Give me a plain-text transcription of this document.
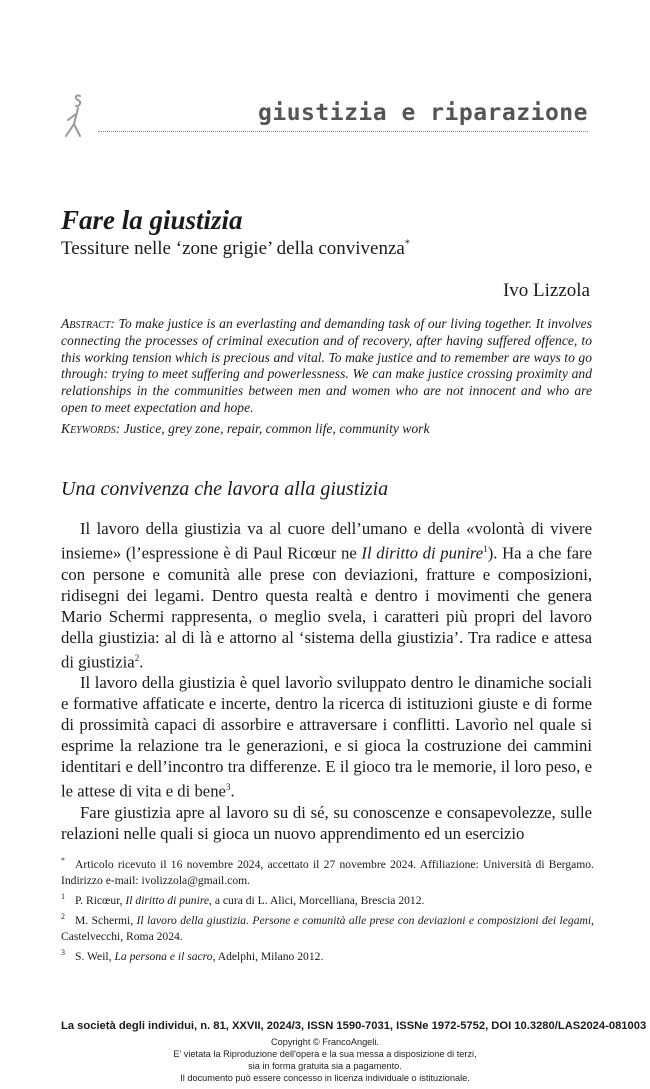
giustizia e riparazione
Fare la giustizia
Tessiture nelle ‘zone grigie’ della convivenza*
Ivo Lizzola
Abstract: To make justice is an everlasting and demanding task of our living together. It involves connecting the processes of criminal execution and of recovery, after having suffered offence, to this working tension which is precious and vital. To make justice and to remember are ways to go through: trying to meet suffering and powerlessness. We can make justice crossing proximity and relationships in the communities between men and women who are not innocent and who are open to meet expectation and hope.
Keywords: Justice, grey zone, repair, common life, community work
Una convivenza che lavora alla giustizia

Il lavoro della giustizia va al cuore dell’umano e della «volontà di vivere insieme» (l’espressione è di Paul Ricœur ne Il diritto di punire$^1$). Ha a che fare con persone e comunità alle prese con deviazioni, fratture e composizioni, ridisegni dei legami. Dentro questa realtà e dentro i movimenti che genera Mario Schermi rappresenta, o meglio svela, i caratteri più propri del lavoro della giustizia: al di là e attorno al ‘sistema della giustizia’. Tra radice e attesa di giustizia$^2$.

Il lavoro della giustizia è quel lavorìo sviluppato dentro le dinamiche sociali e formative affaticate e incerte, dentro la ricerca di istituzioni giuste e di forme di prossimità capaci di assorbire e attraversare i conflitti. Lavorìo nel quale si esprime la relazione tra le generazioni, e si gioca la costruzione dei cammini identitari e dell’incontro tra differenze. E il gioco tra le memorie, il loro peso, e le attese di vita e di bene$^3$.

Fare giustizia apre al lavoro su di sé, su conoscenze e consapevolezze, sulle relazioni nelle quali si gioca un nuovo apprendimento ed un esercizio

* Articolo ricevuto il 16 novembre 2024, accettato il 27 novembre 2024. Affiliazione: Università di Bergamo. Indirizzo e-mail: ivolizzola@gmail.com.

$^1$ P. Ricœur, Il diritto di punire, a cura di L. Alici, Morcelliana, Brescia 2012.

$^2$ M. Schermi, Il lavoro della giustizia. Persone e comunità alle prese con deviazioni e composizioni dei legami, Castelvecchi, Roma 2024.

$^3$ S. Weil, La persona e il sacro, Adelphi, Milano 2012.

La società degli individui, n. 81, XXVII, 2024/3, ISSN 1590-7031, ISSNe 1972-5752, DOI 10.3280/LAS2024-081003
Copyright © FrancoAngeli.
E' vietata la Riproduzione dell'opera e la sua messa a disposizione di terzi,
sia in forma gratuita sia a pagamento.
Il documento può essere concesso in licenza individuale o istituzionale.
